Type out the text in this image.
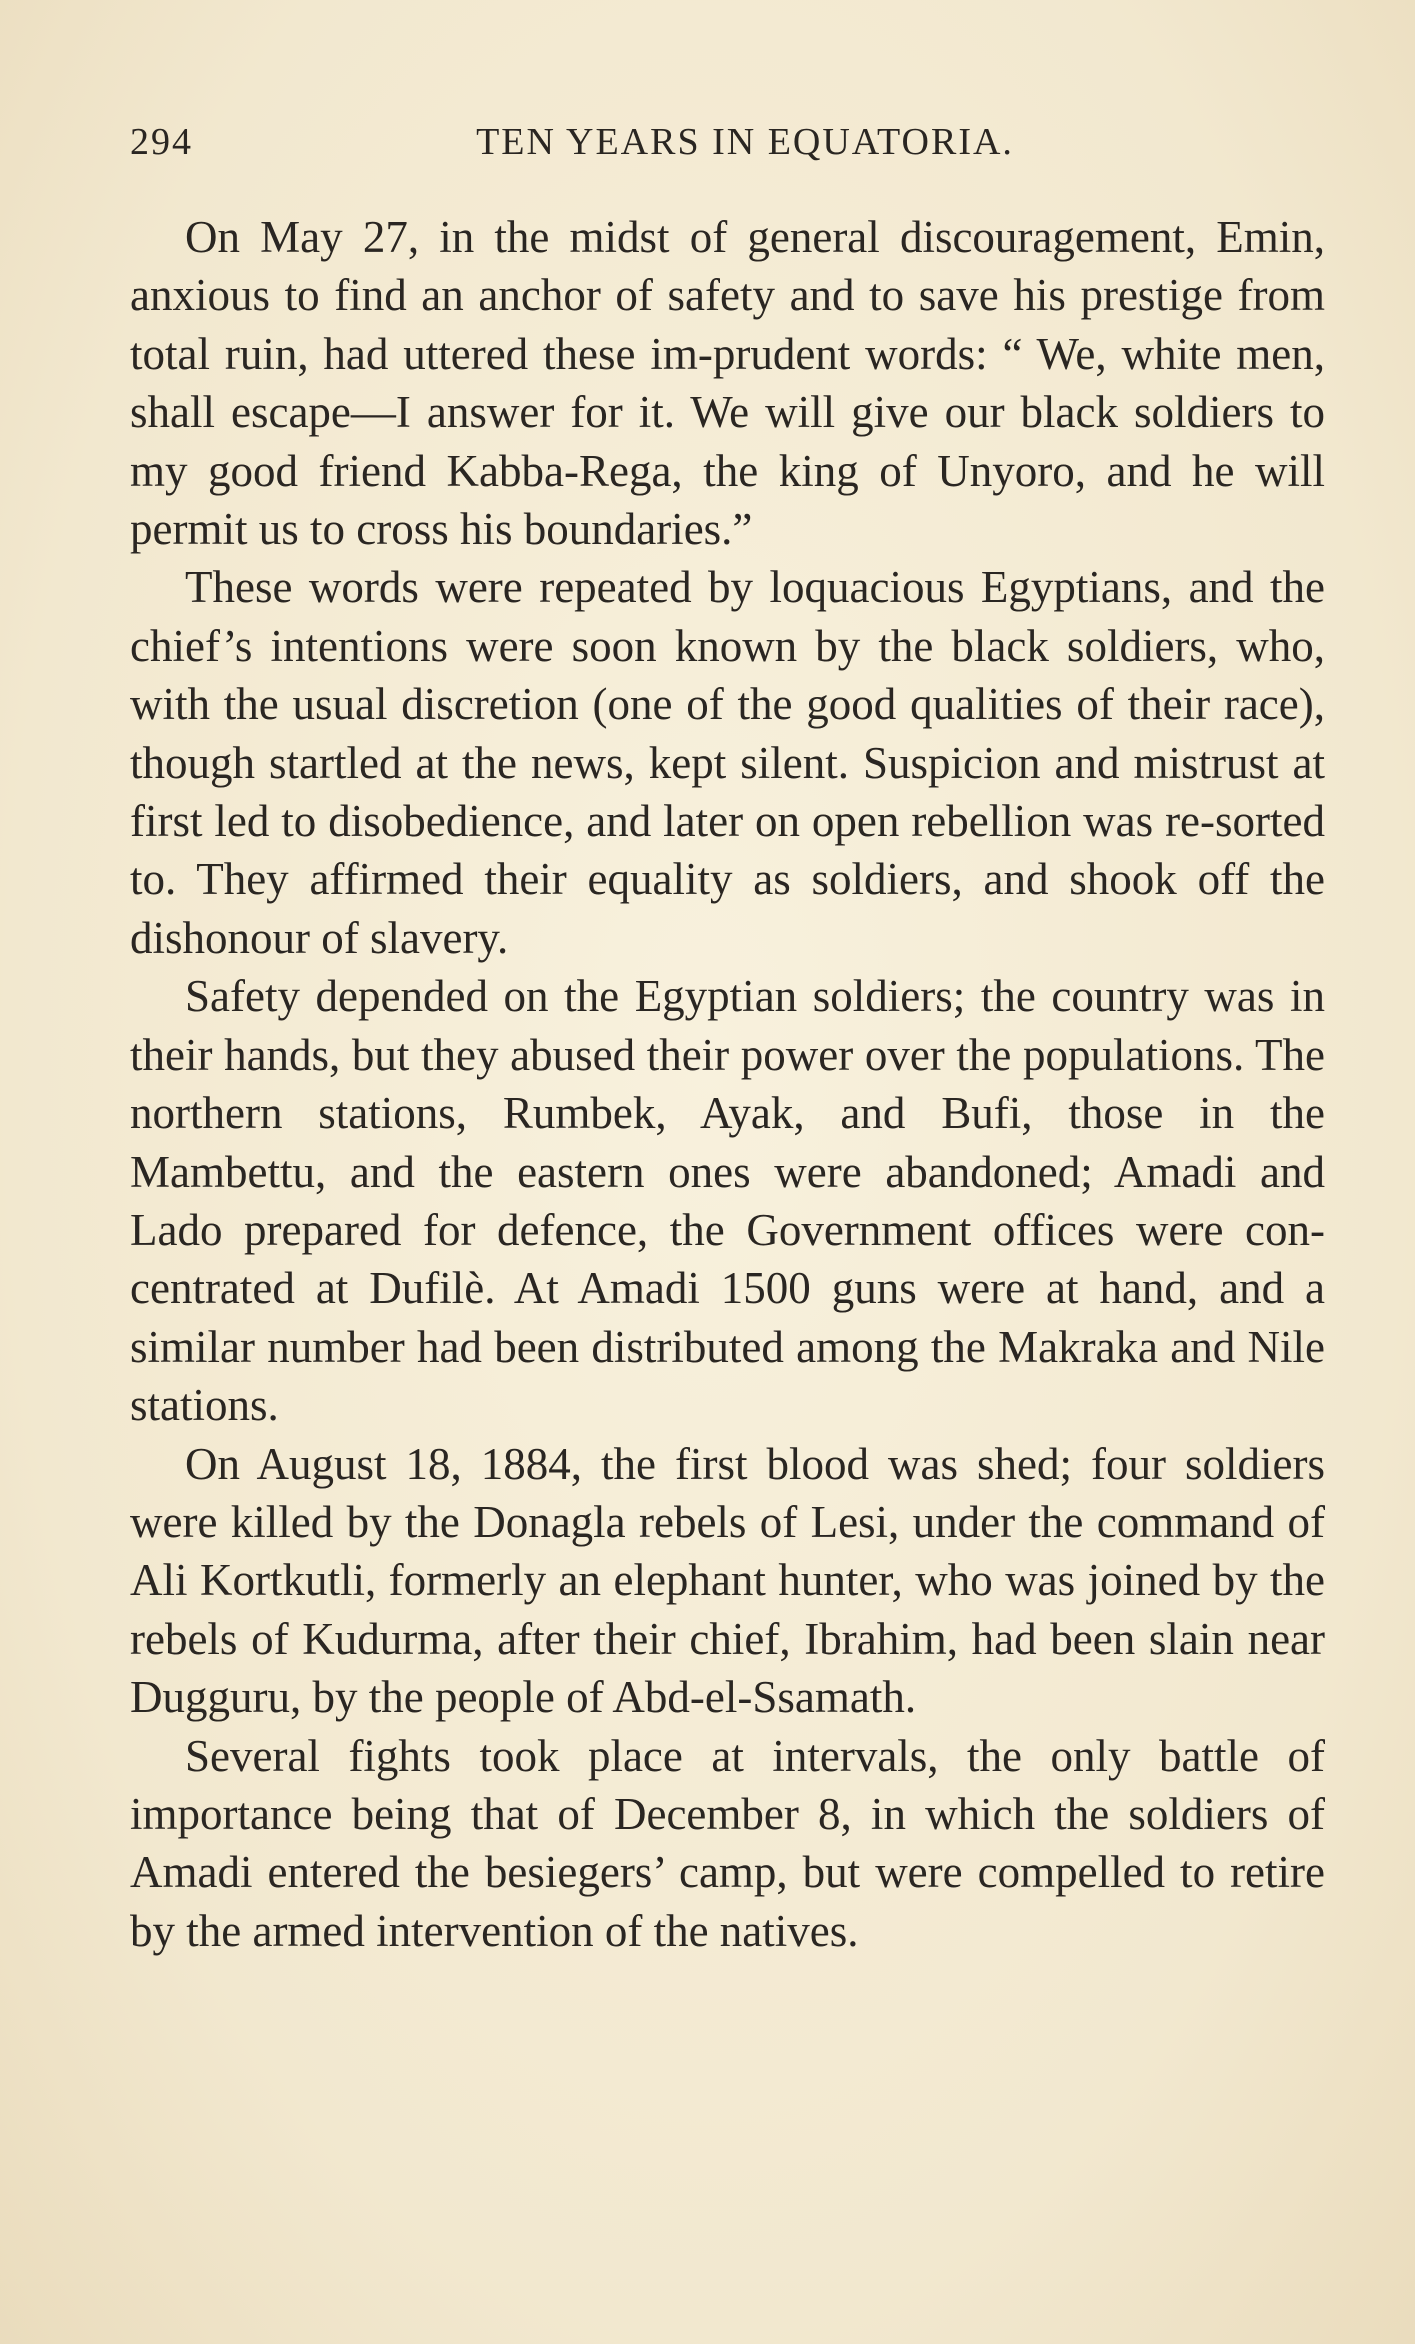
294	TEN YEARS IN EQUATORIA.

On May 27, in the midst of general discouragement, Emin, anxious to find an anchor of safety and to save his prestige from total ruin, had uttered these im-prudent words: “ We, white men, shall escape—I answer for it. We will give our black soldiers to my good friend Kabba-Rega, the king of Unyoro, and he will permit us to cross his boundaries.”

These words were repeated by loquacious Egyptians, and the chief’s intentions were soon known by the black soldiers, who, with the usual discretion (one of the good qualities of their race), though startled at the news, kept silent. Suspicion and mistrust at first led to disobedience, and later on open rebellion was re-sorted to. They affirmed their equality as soldiers, and shook off the dishonour of slavery.

Safety depended on the Egyptian soldiers; the country was in their hands, but they abused their power over the populations. The northern stations, Rumbek, Ayak, and Bufi, those in the Mambettu, and the eastern ones were abandoned; Amadi and Lado prepared for defence, the Government offices were con-centrated at Dufilè. At Amadi 1500 guns were at hand, and a similar number had been distributed among the Makraka and Nile stations.

On August 18, 1884, the first blood was shed; four soldiers were killed by the Donagla rebels of Lesi, under the command of Ali Kortkutli, formerly an elephant hunter, who was joined by the rebels of Kudurma, after their chief, Ibrahim, had been slain near Dugguru, by the people of Abd-el-Ssamath.

Several fights took place at intervals, the only battle of importance being that of December 8, in which the soldiers of Amadi entered the besiegers’ camp, but were compelled to retire by the armed intervention of the natives.
